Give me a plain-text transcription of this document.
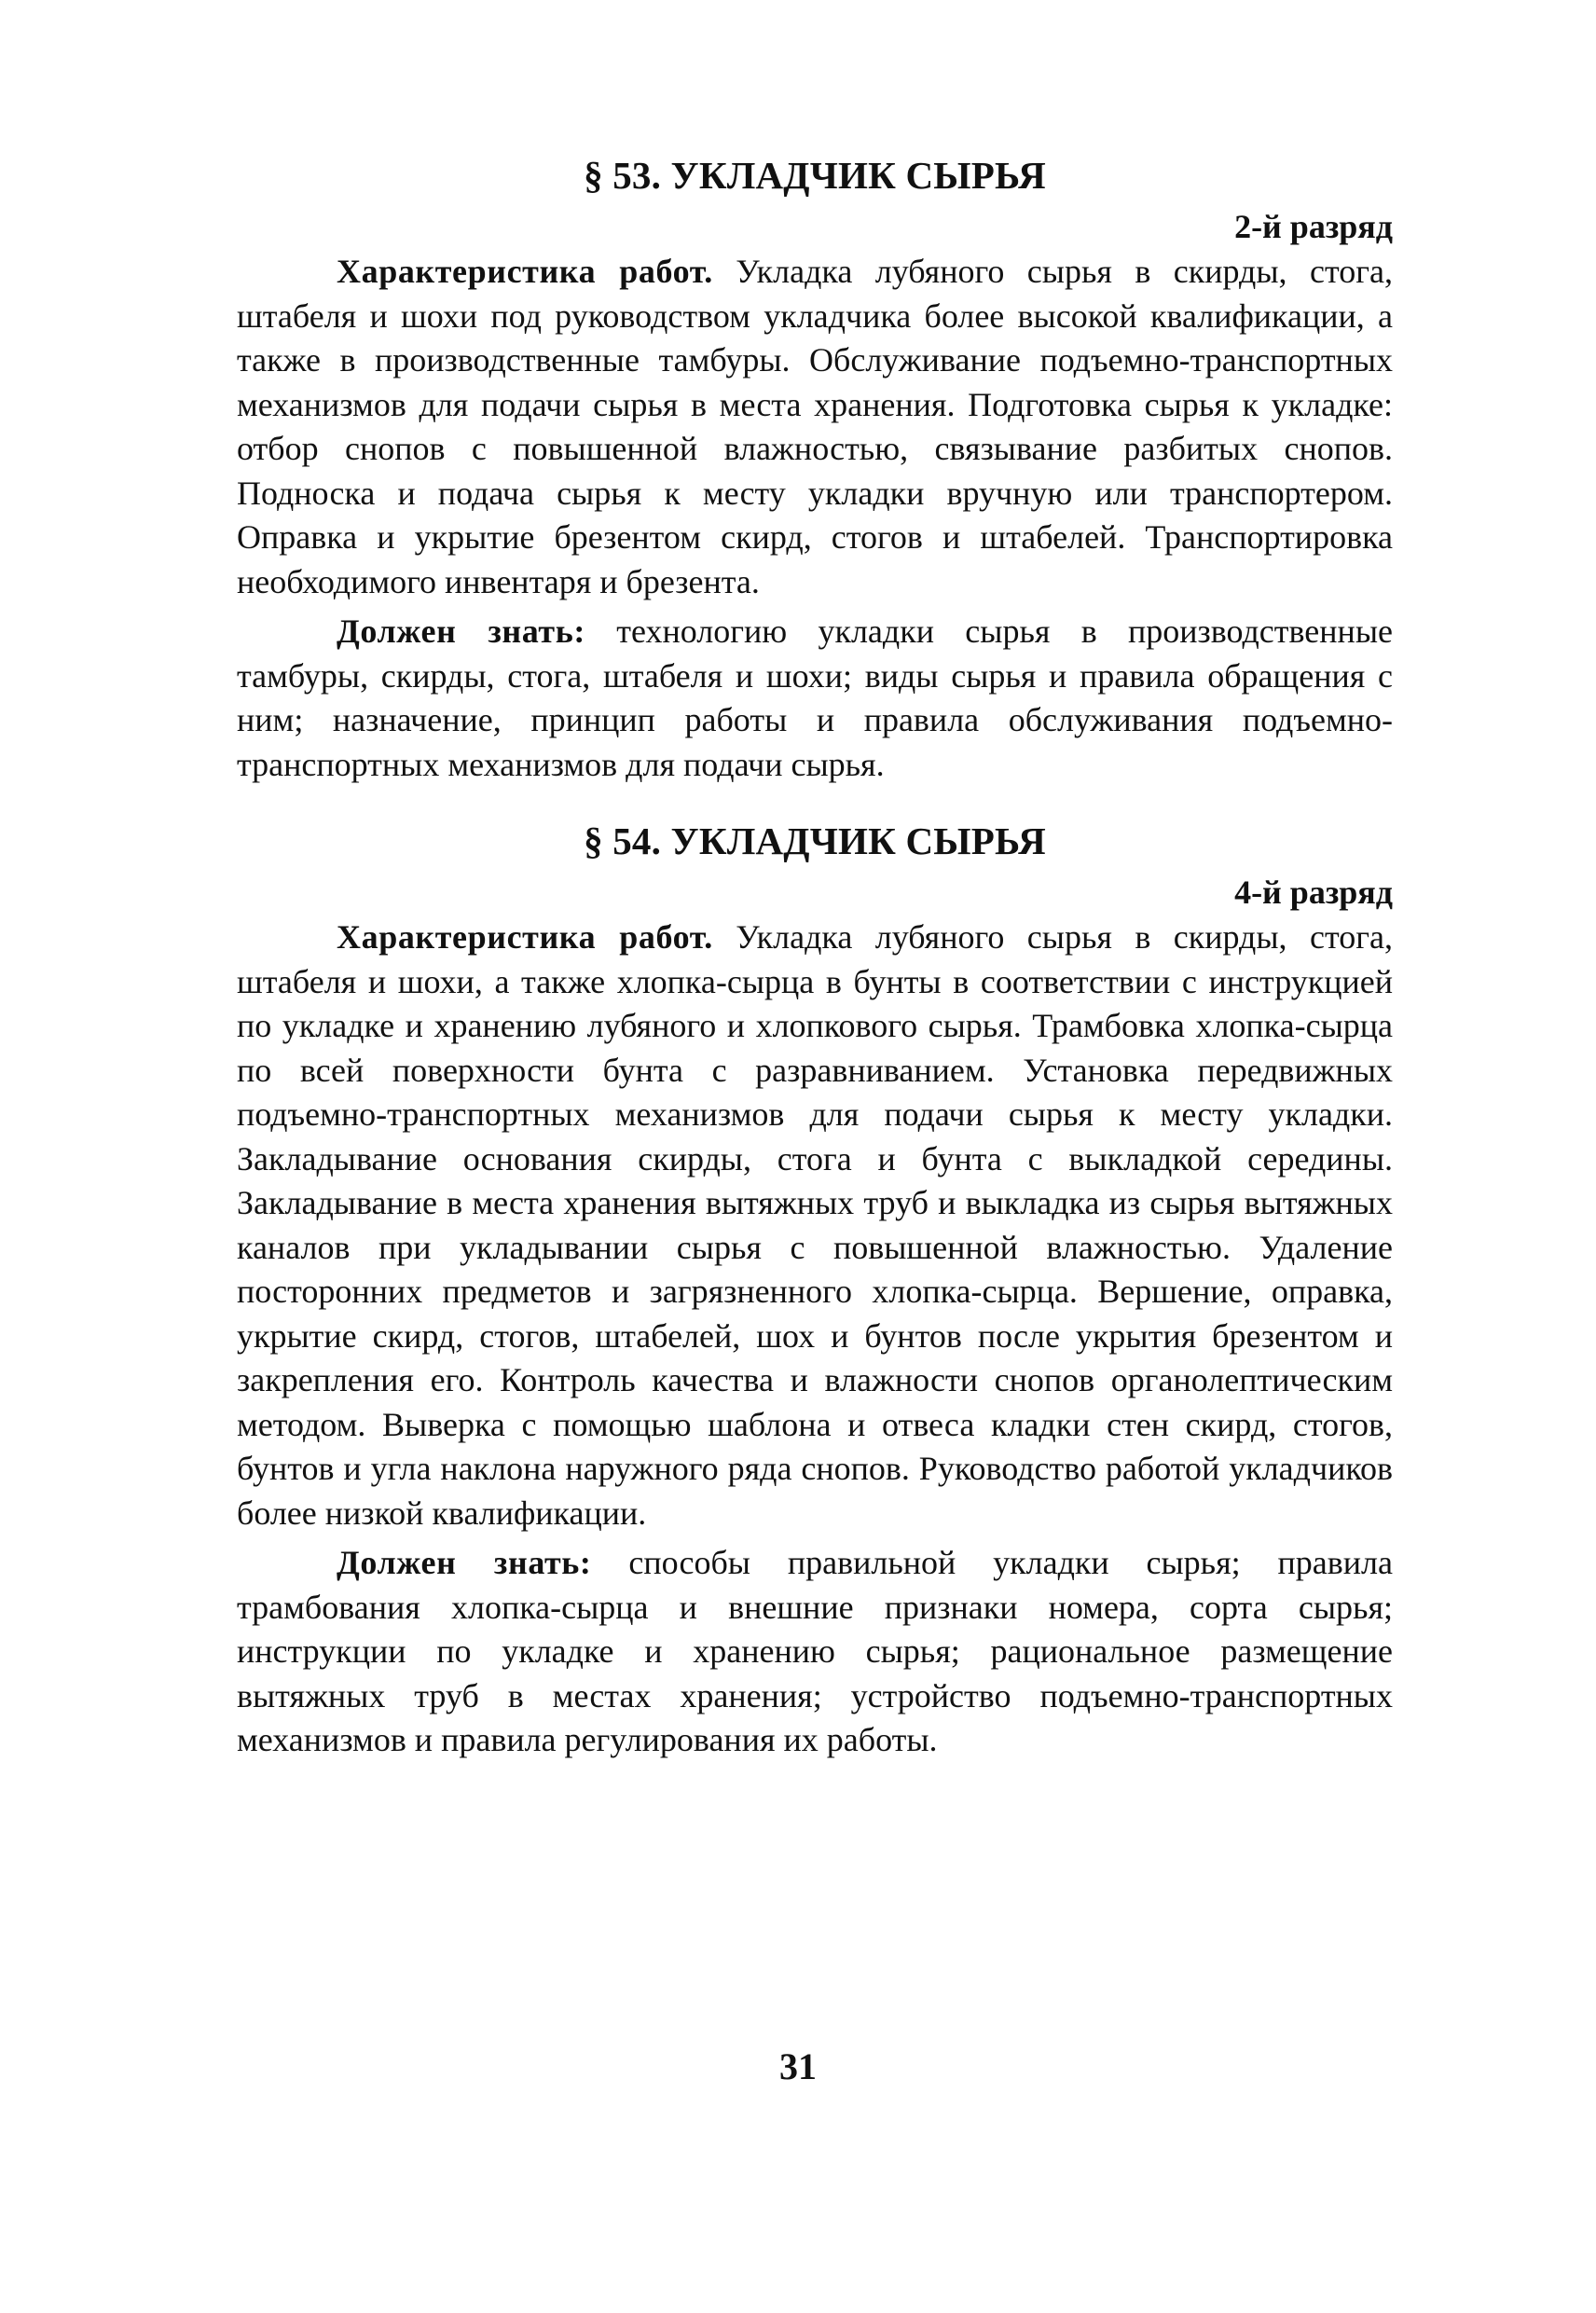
§ 53. УКЛАДЧИК СЫРЬЯ

2-й разряд

Характеристика работ. Укладка лубяного сырья в скирды, стога, штабеля и шохи под руководством укладчика более высокой квалификации, а также в производственные тамбуры. Обслуживание подъемно-транспортных механизмов для подачи сырья в места хранения. Подготовка сырья к укладке: отбор снопов с повышенной влажностью, связывание разбитых снопов. Подноска и подача сырья к месту укладки вручную или транспортером. Оправка и укрытие брезентом скирд, стогов и штабелей. Транспортировка необходимого инвентаря и брезента.

Должен знать: технологию укладки сырья в производственные тамбуры, скирды, стога, штабеля и шохи; виды сырья и правила обращения с ним; назначение, принцип работы и правила обслуживания подъемно-транспортных механизмов для подачи сырья.

§ 54. УКЛАДЧИК СЫРЬЯ

4-й разряд

Характеристика работ. Укладка лубяного сырья в скирды, стога, штабеля и шохи, а также хлопка-сырца в бунты в соответствии с инструкцией по укладке и хранению лубяного и хлопкового сырья. Трамбовка хлопка-сырца по всей поверхности бунта с разравниванием. Установка передвижных подъемно-транспортных механизмов для подачи сырья к месту укладки. Закладывание основания скирды, стога и бунта с выкладкой середины. Закладывание в места хранения вытяжных труб и выкладка из сырья вытяжных каналов при укладывании сырья с повышенной влажностью. Удаление посторонних предметов и загрязненного хлопка-сырца. Вершение, оправка, укрытие скирд, стогов, штабелей, шох и бунтов после укрытия брезентом и закрепления его. Контроль качества и влажности снопов органолептическим методом. Выверка с помощью шаблона и отвеса кладки стен скирд, стогов, бунтов и угла наклона наружного ряда снопов. Руководство работой укладчиков более низкой квалификации.

Должен знать: способы правильной укладки сырья; правила трамбования хлопка-сырца и внешние признаки номера, сорта сырья; инструкции по укладке и хранению сырья; рациональное размещение вытяжных труб в местах хранения; устройство подъемно-транспортных механизмов и правила регулирования их работы.

31
